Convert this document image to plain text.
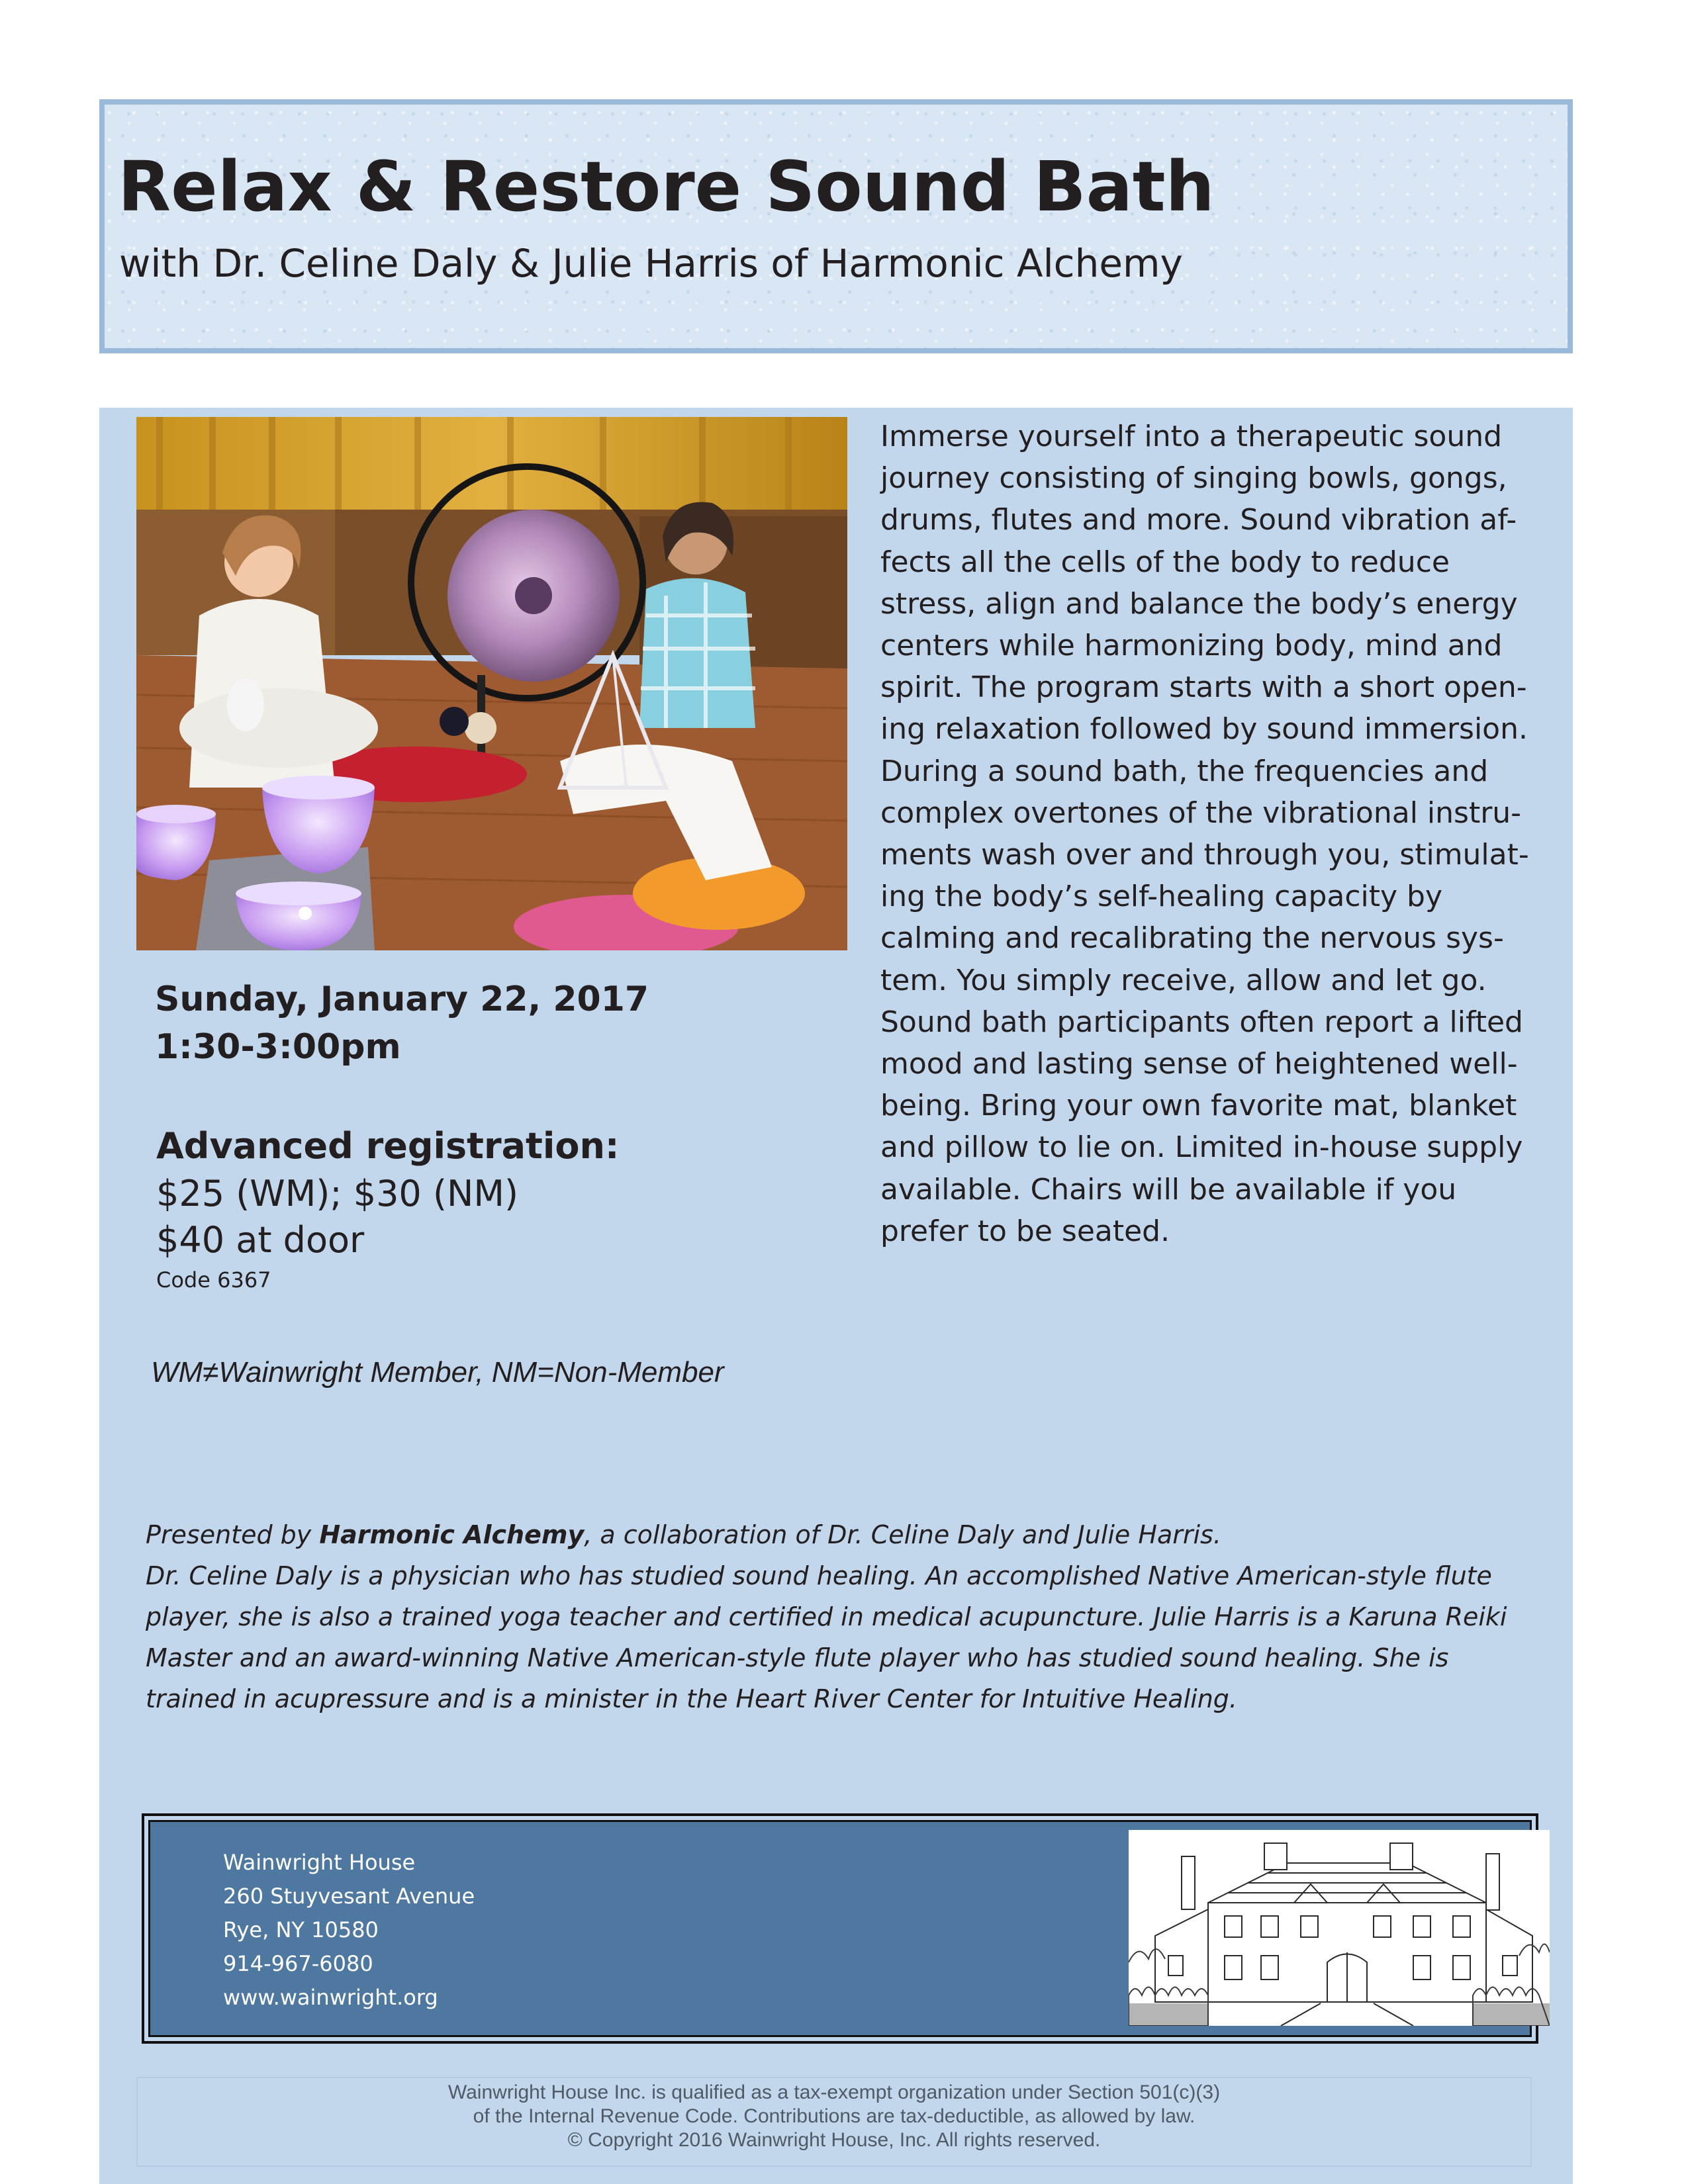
Relax & Restore Sound Bath

with Dr. Celine Daly & Julie Harris of Harmonic Alchemy

Immerse yourself into a therapeutic sound
journey consisting of singing bowls, gongs,
drums, flutes and more. Sound vibration af-
fects all the cells of the body to reduce
stress, align and balance the body’s energy
centers while harmonizing body, mind and
spirit. The program starts with a short open-
ing relaxation followed by sound immersion.
During a sound bath, the frequencies and
complex overtones of the vibrational instru-
ments wash over and through you, stimulat-
ing the body’s self-healing capacity by
calming and recalibrating the nervous sys-
tem. You simply receive, allow and let go.
Sound bath participants often report a lifted
mood and lasting sense of heightened well-
being. Bring your own favorite mat, blanket
and pillow to lie on. Limited in-house supply
available. Chairs will be available if you
prefer to be seated.

Sunday, January 22, 2017

1:30-3:00pm

Advanced registration:

$25 (WM); $30 (NM)

$40 at door

Code 6367

WM≠Wainwright Member, NM=Non-Member

Presented by Harmonic Alchemy, a collaboration of Dr. Celine Daly and Julie Harris.
Dr. Celine Daly is a physician who has studied sound healing. An accomplished Native American-style flute
player, she is also a trained yoga teacher and certified in medical acupuncture. Julie Harris is a Karuna Reiki
Master and an award-winning Native American-style flute player who has studied sound healing. She is
trained in acupressure and is a minister in the Heart River Center for Intuitive Healing.

Wainwright House
260 Stuyvesant Avenue
Rye, NY 10580
914-967-6080
www.wainwright.org

Wainwright House Inc. is qualified as a tax-exempt organization under Section 501(c)(3)
of the Internal Revenue Code. Contributions are tax-deductible, as allowed by law.
© Copyright 2016 Wainwright House, Inc. All rights reserved.
